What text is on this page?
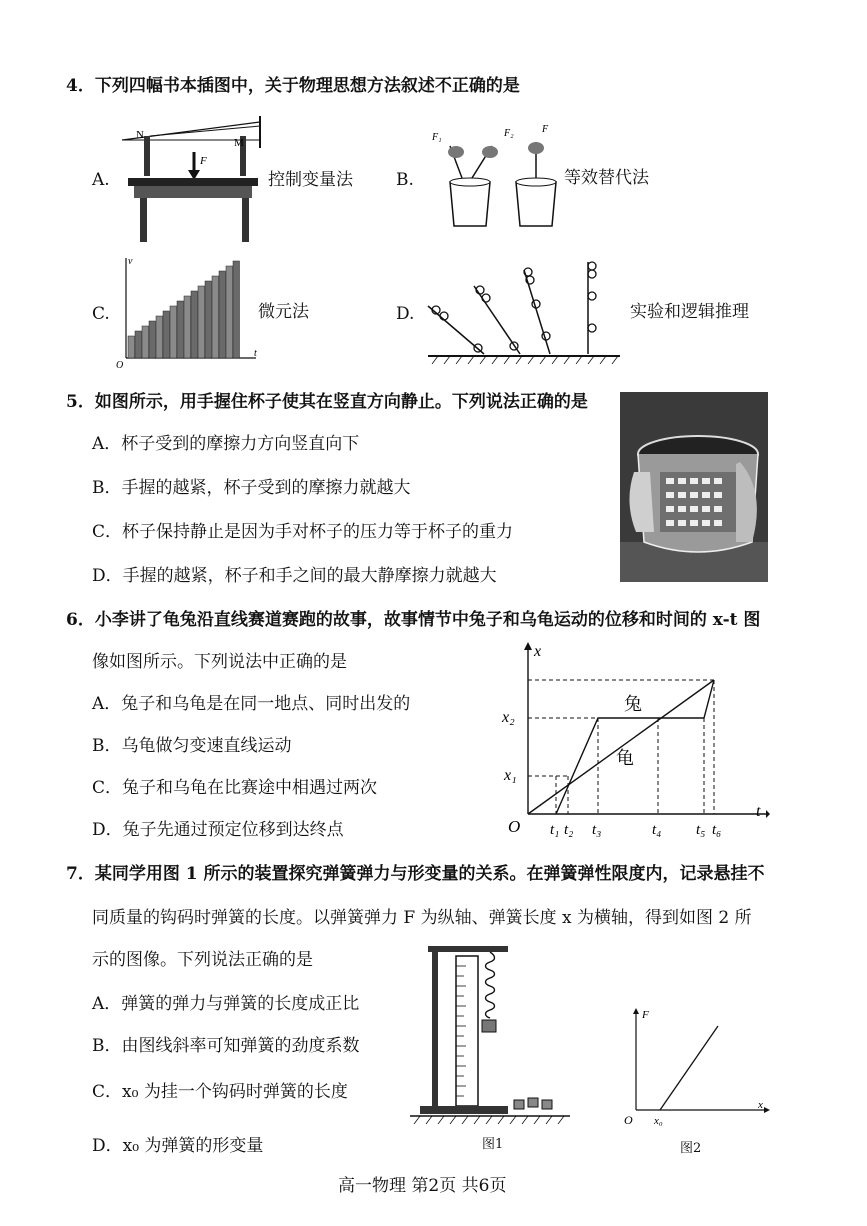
4．下列四幅书本插图中，关于物理思想方法叙述不正确的是
A.	控制变量法	B.	等效替代法
C.	微元法	D.	实验和逻辑推理
N
M
F
F₁	F₂	F
v
t
O
5．如图所示，用手握住杯子使其在竖直方向静止。下列说法正确的是
A．杯子受到的摩擦力方向竖直向下
B．手握的越紧，杯子受到的摩擦力就越大
C．杯子保持静止是因为手对杯子的压力等于杯子的重力
D．手握的越紧，杯子和手之间的最大静摩擦力就越大
6．小李讲了龟兔沿直线赛道赛跑的故事，故事情节中兔子和乌龟运动的位移和时间的 x-t 图
像如图所示。下列说法中正确的是
A．兔子和乌龟是在同一地点、同时出发的
B．乌龟做匀变速直线运动
C．兔子和乌龟在比赛途中相遇过两次
D．兔子先通过预定位移到达终点
x
t
O
x₂
x₁
兔
龟
t₁ t₂ t₃	t₄ t₅ t₆
7．某同学用图 1 所示的装置探究弹簧弹力与形变量的关系。在弹簧弹性限度内，记录悬挂不
同质量的钩码时弹簧的长度。以弹簧弹力 F 为纵轴、弹簧长度 x 为横轴，得到如图 2 所
示的图像。下列说法正确的是
A．弹簧的弹力与弹簧的长度成正比
B．由图线斜率可知弹簧的劲度系数
C．x₀ 为挂一个钩码时弹簧的长度
D．x₀ 为弹簧的形变量	图1
F
x
O x₀
图2
高一物理 第2页 共6页
